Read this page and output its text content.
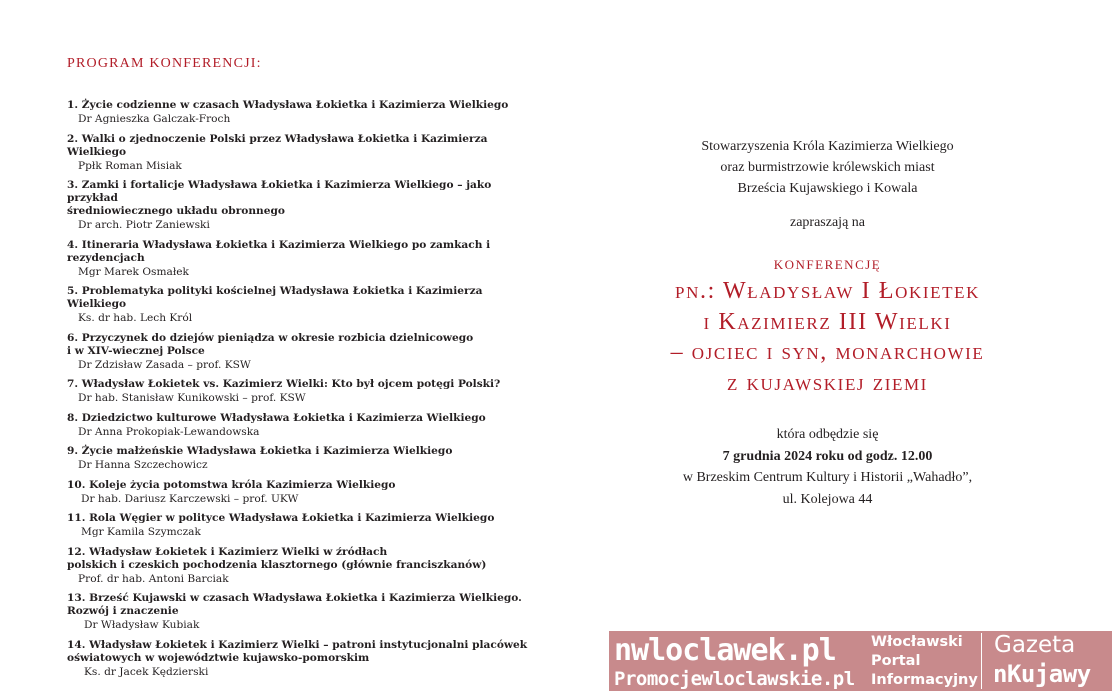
PROGRAM KONFERENCJI:
1. Życie codzienne w czasach Władysława Łokietka i Kazimierza Wielkiego
Dr Agnieszka Galczak-Froch
2. Walki o zjednoczenie Polski przez Władysława Łokietka i Kazimierza Wielkiego
Ppłk Roman Misiak
3. Zamki i fortalicje Władysława Łokietka i Kazimierza Wielkiego – jako przykład
średniowiecznego układu obronnego
Dr arch. Piotr Zaniewski
4. Itineraria Władysława Łokietka i Kazimierza Wielkiego po zamkach i rezydencjach
Mgr Marek Osmałek
5. Problematyka polityki kościelnej Władysława Łokietka i Kazimierza Wielkiego
Ks. dr hab. Lech Król
6. Przyczynek do dziejów pieniądza w okresie rozbicia dzielnicowego
i w XIV-wiecznej Polsce
Dr Zdzisław Zasada – prof. KSW
7. Władysław Łokietek vs. Kazimierz Wielki: Kto był ojcem potęgi Polski?
Dr hab. Stanisław Kunikowski – prof. KSW
8. Dziedzictwo kulturowe Władysława Łokietka i Kazimierza Wielkiego
Dr Anna Prokopiak-Lewandowska
9. Życie małżeńskie Władysława Łokietka i Kazimierza Wielkiego
Dr Hanna Szczechowicz
10. Koleje życia potomstwa króla Kazimierza Wielkiego
Dr hab. Dariusz Karczewski – prof. UKW
11. Rola Węgier w polityce Władysława Łokietka i Kazimierza Wielkiego
Mgr Kamila Szymczak
12. Władysław Łokietek i Kazimierz Wielki w źródłach
polskich i czeskich pochodzenia klasztornego (głównie franciszkanów)
Prof. dr hab. Antoni Barciak
13. Brześć Kujawski w czasach Władysława Łokietka i Kazimierza Wielkiego.
Rozwój i znaczenie
Dr Władysław Kubiak
14. Władysław Łokietek i Kazimierz Wielki – patroni instytucjonalni placówek
oświatowych w województwie kujawsko-pomorskim
Ks. dr Jacek Kędzierski
Stowarzyszenia Króla Kazimierza Wielkiego
oraz burmistrzowie królewskich miast
Brześcia Kujawskiego i Kowala
zapraszają na
konferencję
pn.: Władysław I Łokietek
i Kazimierz III Wielki
– ojciec i syn, monarchowie
z kujawskiej ziemi
która odbędzie się
7 grudnia 2024 roku od godz. 12.00
w Brzeskim Centrum Kultury i Historii „Wahadło”,
ul. Kolejowa 44
nwloclawek.pl
Promocjewloclawskie.pl
Włocławski
Portal
Informacyjny
Gazeta
nKujawy
